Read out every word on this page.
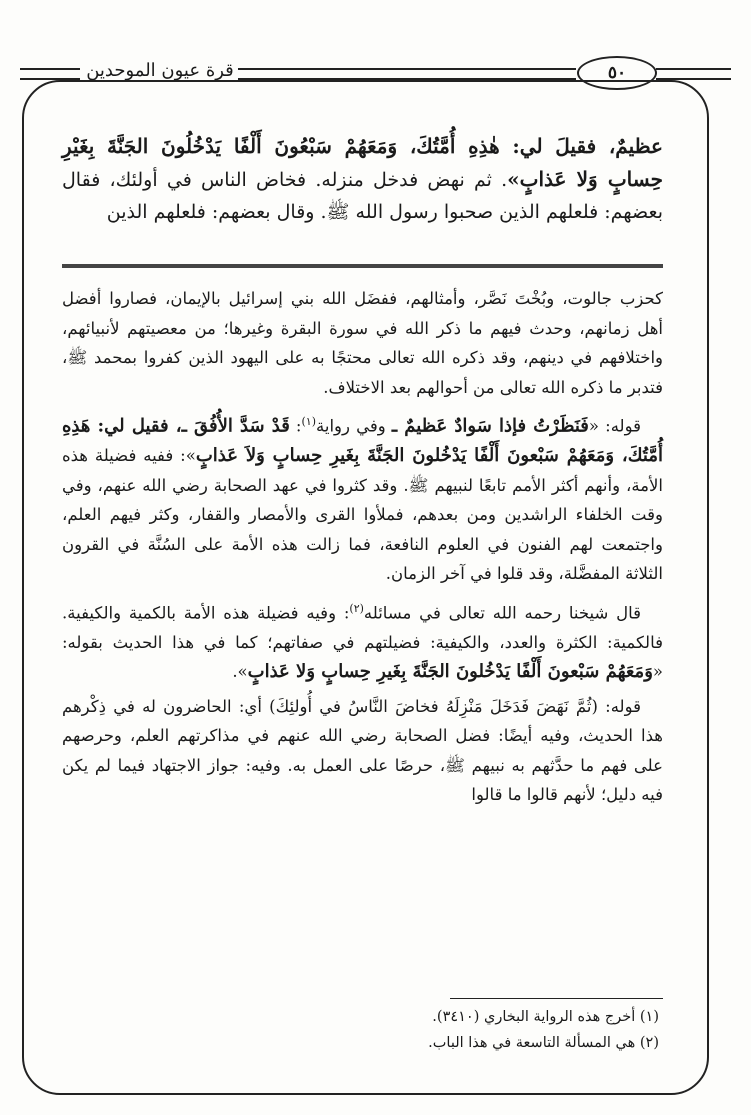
قرة عيون الموحدين	٥٠
عظيمٌ، فقيلَ لي: هٰذِهِ أُمَّتُكَ، وَمَعَهُمْ سَبْعُونَ أَلْفًا يَدْخُلُونَ الجَنَّةَ بِغَيْرِ حِسابٍ وَلا عَذابٍ». ثم نهض فدخل منزله. فخاض الناس في أولئك، فقال بعضهم: فلعلهم الذين صحبوا رسول الله ﷺ. وقال بعضهم: فلعلهم الذين

كحزب جالوت، وبُخْتَ نَصَّر، وأمثالهم، ففضَل الله بني إسرائيل بالإيمان، فصاروا أفضل أهل زمانهم، وحدث فيهم ما ذكر الله في سورة البقرة وغيرها؛ من معصيتهم لأنبيائهم، واختلافهم في دينهم، وقد ذكره الله تعالى محتجًا به على اليهود الذين كفروا بمحمد ﷺ، فتدبر ما ذكره الله تعالى من أحوالهم بعد الاختلاف.

قوله: «فَنَظَرْتُ فإذا سَوادٌ عَظيمٌ ـ وفي رواية$^{(١)}$: قَدْ سَدَّ الأُفُقَ ـ، فقيل لي: هَذِهِ أُمَّتُكَ، وَمَعَهُمْ سَبْعونَ أَلْفًا يَدْخُلونَ الجَنَّةَ بِغَيرِ حِسابٍ وَلاَ عَذابٍ»: ففيه فضيلة هذه الأمة، وأنهم أكثر الأمم تابعًا لنبيهم ﷺ. وقد كثروا في عهد الصحابة رضي الله عنهم، وفي وقت الخلفاء الراشدين ومن بعدهم، فملأوا القرى والأمصار والقفار، وكثر فيهم العلم، واجتمعت لهم الفنون في العلوم النافعة، فما زالت هذه الأمة على السُنَّة في القرون الثلاثة المفضَّلة، وقد قلوا في آخر الزمان.

قال شيخنا رحمه الله تعالى في مسائله$^{(٢)}$: وفيه فضيلة هذه الأمة بالكمية والكيفية. فالكمية: الكثرة والعدد، والكيفية: فضيلتهم في صفاتهم؛ كما في هذا الحديث بقوله: «وَمَعَهُمْ سَبْعونَ أَلْفًا يَدْخُلونَ الجَنَّةَ بِغَيرِ حِسابٍ وَلا عَذابٍ».

قوله: (ثُمَّ نَهَضَ فَدَخَلَ مَنْزِلَهُ فخاضَ النَّاسُ في أُولئِكَ) أي: الحاضرون له في ذِكْرهم هذا الحديث، وفيه أيضًا: فضل الصحابة رضي الله عنهم في مذاكرتهم العلم، وحرصهم على فهم ما حدَّثهم به نبيهم ﷺ، حرصًا على العمل به. وفيه: جواز الاجتهاد فيما لم يكن فيه دليل؛ لأنهم قالوا ما قالوا

(١) أخرج هذه الرواية البخاري (٣٤١٠).
(٢) هي المسألة التاسعة في هذا الباب.
